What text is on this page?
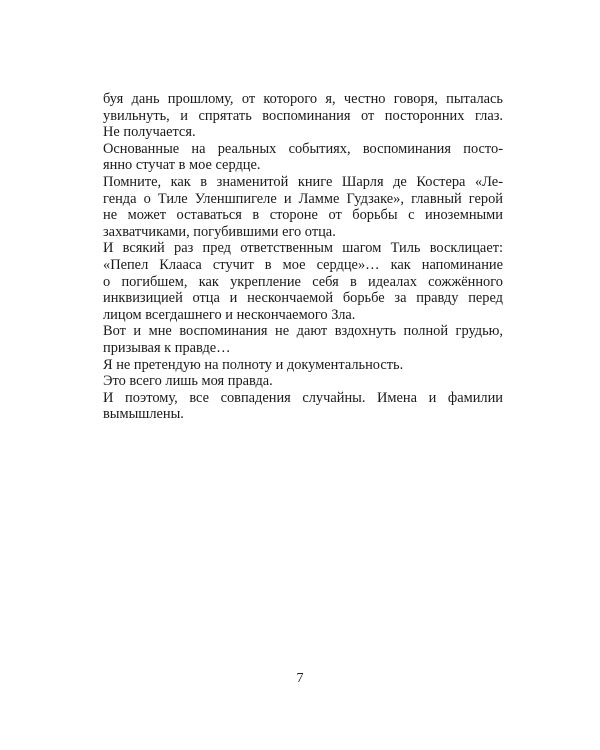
буя дань прошлому, от которого я, честно говоря, пыталась
увильнуть, и спрятать воспоминания от посторонних глаз.
Не получается.
Основанные на реальных событиях, воспоминания посто-
янно стучат в мое сердце.
Помните, как в знаменитой книге Шарля де Костера «Ле-
генда о Тиле Уленшпигеле и Ламме Гудзаке», главный герой
не может оставаться в стороне от борьбы с иноземными
захватчиками, погубившими его отца.
И всякий раз пред ответственным шагом Тиль восклицает:
«Пепел Клааса стучит в мое сердце»… как напоминание
о погибшем, как укрепление себя в идеалах сожжённого
инквизицией отца и нескончаемой борьбе за правду перед
лицом всегдашнего и нескончаемого Зла.
Вот и мне воспоминания не дают вздохнуть полной грудью,
призывая к правде…
Я не претендую на полноту и документальность.
Это всего лишь моя правда.
И поэтому, все совпадения случайны. Имена и фамилии
вымышлены.
7
